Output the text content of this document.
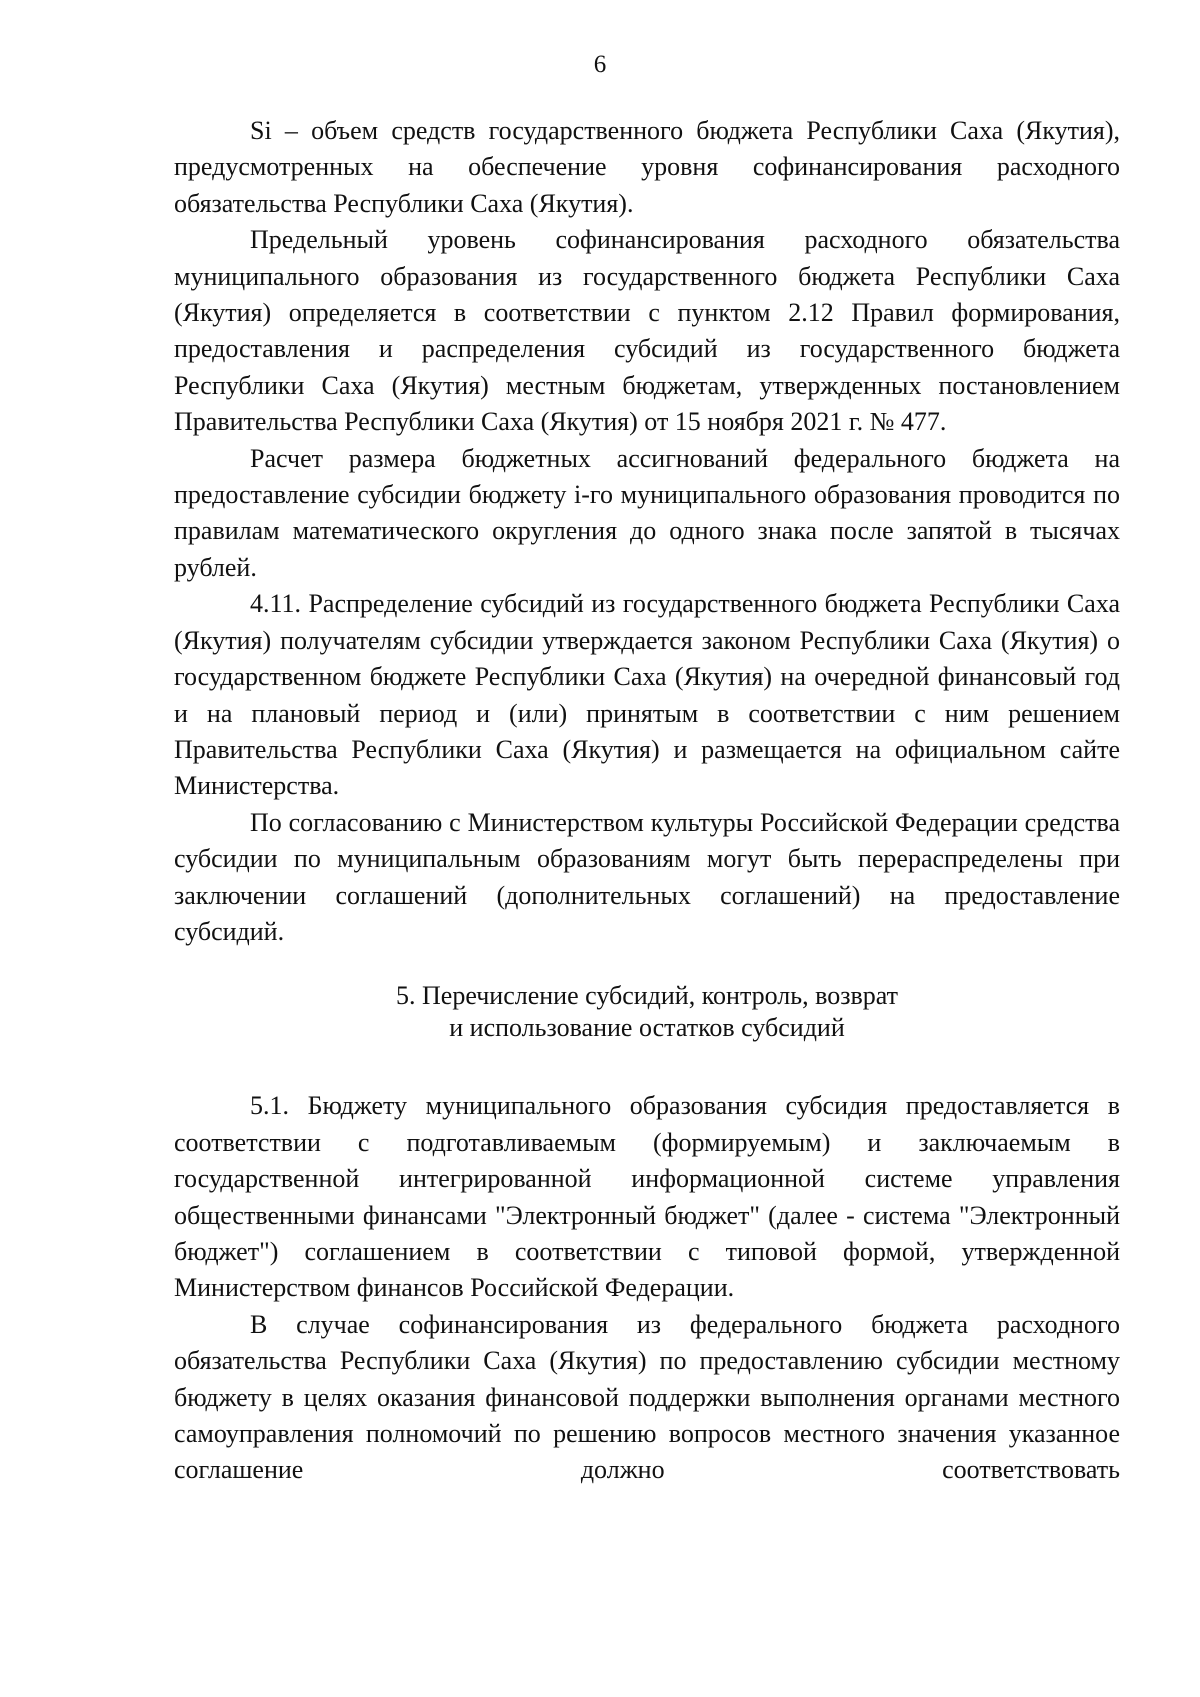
6

Si – объем средств государственного бюджета Республики Саха (Якутия), предусмотренных на обеспечение уровня софинансирования расходного обязательства Республики Саха (Якутия).

Предельный уровень софинансирования расходного обязательства муниципального образования из государственного бюджета Республики Саха (Якутия) определяется в соответствии с пунктом 2.12 Правил формирования, предоставления и распределения субсидий из государственного бюджета Республики Саха (Якутия) местным бюджетам, утвержденных постановлением Правительства Республики Саха (Якутия) от 15 ноября 2021 г. № 477.

Расчет размера бюджетных ассигнований федерального бюджета на предоставление субсидии бюджету i-го муниципального образования проводится по правилам математического округления до одного знака после запятой в тысячах рублей.

4.11. Распределение субсидий из государственного бюджета Республики Саха (Якутия) получателям субсидии утверждается законом Республики Саха (Якутия) о государственном бюджете Республики Саха (Якутия) на очередной финансовый год и на плановый период и (или) принятым в соответствии с ним решением Правительства Республики Саха (Якутия) и размещается на официальном сайте Министерства.

По согласованию с Министерством культуры Российской Федерации средства субсидии по муниципальным образованиям могут быть перераспределены при заключении соглашений (дополнительных соглашений) на предоставление субсидий.

5. Перечисление субсидий, контроль, возврат
и использование остатков субсидий

5.1. Бюджету муниципального образования субсидия предоставляется в соответствии с подготавливаемым (формируемым) и заключаемым в государственной интегрированной информационной системе управления общественными финансами "Электронный бюджет" (далее - система "Электронный бюджет") соглашением в соответствии с типовой формой, утвержденной Министерством финансов Российской Федерации.

В случае софинансирования из федерального бюджета расходного обязательства Республики Саха (Якутия) по предоставлению субсидии местному бюджету в целях оказания финансовой поддержки выполнения органами местного самоуправления полномочий по решению вопросов местного значения указанное соглашение должно соответствовать
